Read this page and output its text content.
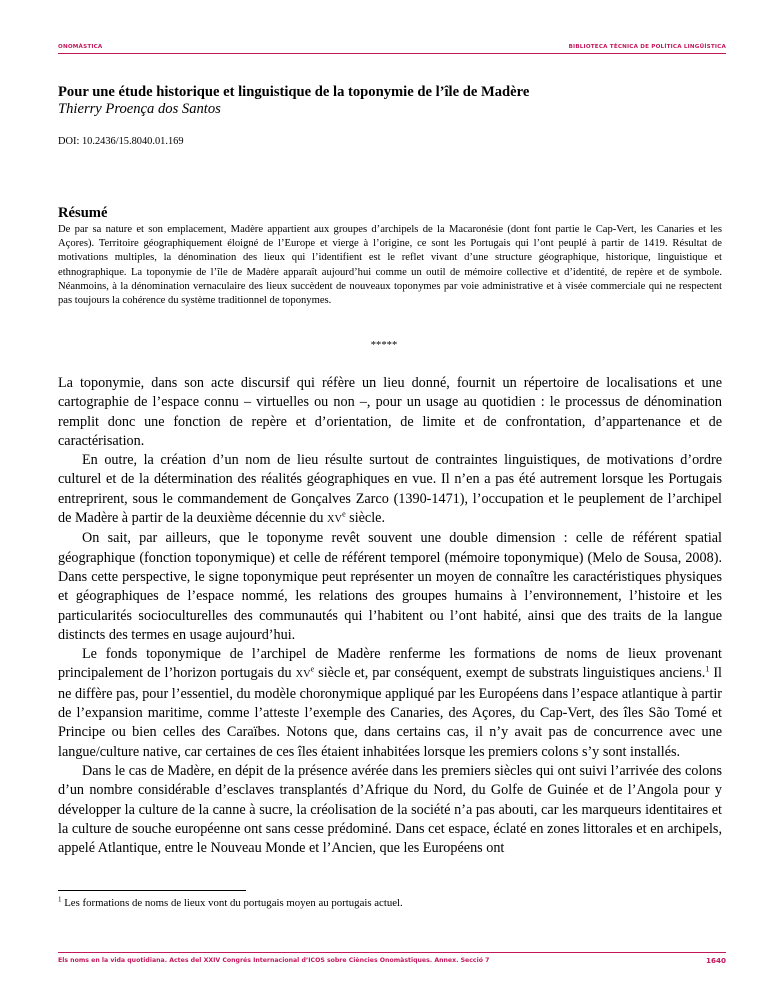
ONOMÀSTICA	BIBLIOTECA TÈCNICA DE POLÍTICA LINGÜÍSTICA
Pour une étude historique et linguistique de la toponymie de l’île de Madère
Thierry Proença dos Santos
DOI: 10.2436/15.8040.01.169
Résumé
De par sa nature et son emplacement, Madère appartient aux groupes d’archipels de la Macaronésie (dont font partie le Cap-Vert, les Canaries et les Açores). Territoire géographiquement éloigné de l’Europe et vierge à l’origine, ce sont les Portugais qui l’ont peuplé à partir de 1419. Résultat de motivations multiples, la dénomination des lieux qui l’identifient est le reflet vivant d’une structure géographique, historique, linguistique et ethnographique. La toponymie de l’île de Madère apparaît aujourd’hui comme un outil de mémoire collective et d’identité, de repère et de symbole. Néanmoins, à la dénomination vernaculaire des lieux succèdent de nouveaux toponymes par voie administrative et à visée commerciale qui ne respectent pas toujours la cohérence du système traditionnel de toponymes.
*****

La toponymie, dans son acte discursif qui réfère un lieu donné, fournit un répertoire de localisations et une cartographie de l’espace connu – virtuelles ou non –, pour un usage au quotidien : le processus de dénomination remplit donc une fonction de repère et d’orientation, de limite et de confrontation, d’appartenance et de caractérisation.

En outre, la création d’un nom de lieu résulte surtout de contraintes linguistiques, de motivations d’ordre culturel et de la détermination des réalités géographiques en vue. Il n’en a pas été autrement lorsque les Portugais entreprirent, sous le commandement de Gonçalves Zarco (1390-1471), l’occupation et le peuplement de l’archipel de Madère à partir de la deuxième décennie du XVe siècle.

On sait, par ailleurs, que le toponyme revêt souvent une double dimension : celle de référent spatial géographique (fonction toponymique) et celle de référent temporel (mémoire toponymique) (Melo de Sousa, 2008). Dans cette perspective, le signe toponymique peut représenter un moyen de connaître les caractéristiques physiques et géographiques de l’espace nommé, les relations des groupes humains à l’environnement, l’histoire et les particularités socioculturelles des communautés qui l’habitent ou l’ont habité, ainsi que des traits de la langue distincts des termes en usage aujourd’hui.

Le fonds toponymique de l’archipel de Madère renferme les formations de noms de lieux provenant principalement de l’horizon portugais du XVe siècle et, par conséquent, exempt de substrats linguistiques anciens.$^1$ Il ne diffère pas, pour l’essentiel, du modèle choronymique appliqué par les Européens dans l’espace atlantique à partir de l’expansion maritime, comme l’atteste l’exemple des Canaries, des Açores, du Cap-Vert, des îles São Tomé et Principe ou bien celles des Caraïbes. Notons que, dans certains cas, il n’y avait pas de concurrence avec une langue/culture native, car certaines de ces îles étaient inhabitées lorsque les premiers colons s’y sont installés.

Dans le cas de Madère, en dépit de la présence avérée dans les premiers siècles qui ont suivi l’arrivée des colons d’un nombre considérable d’esclaves transplantés d’Afrique du Nord, du Golfe de Guinée et de l’Angola pour y développer la culture de la canne à sucre, la créolisation de la société n’a pas abouti, car les marqueurs identitaires et la culture de souche européenne ont sans cesse prédominé. Dans cet espace, éclaté en zones littorales et en archipels, appelé Atlantique, entre le Nouveau Monde et l’Ancien, que les Européens ont

$^1$ Les formations de noms de lieux vont du portugais moyen au portugais actuel.
Els noms en la vida quotidiana. Actes del XXIV Congrés Internacional d’ICOS sobre Ciències Onomàstiques. Annex. Secció 7	1640
